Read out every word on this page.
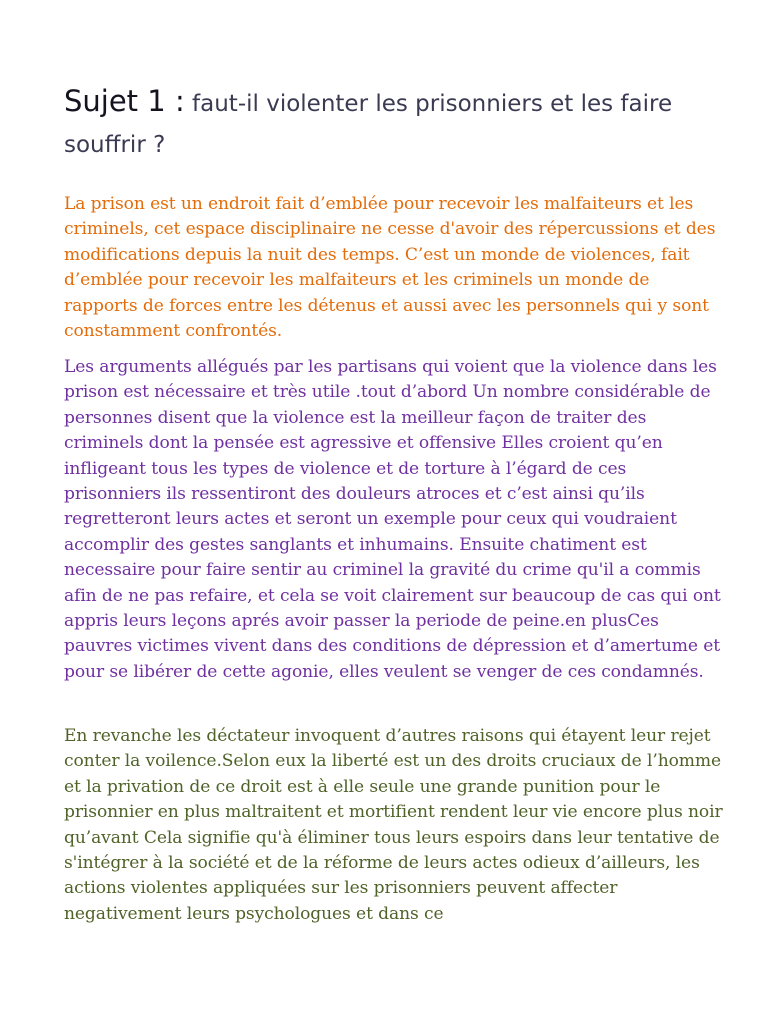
Sujet 1 : faut-il violenter les prisonniers et les faire souffrir ?

La prison est un endroit fait d’emblée pour recevoir les malfaiteurs et les criminels, cet espace disciplinaire ne cesse d'avoir des répercussions et des modifications depuis la nuit des temps. C’est un monde de violences, fait d’emblée pour recevoir les malfaiteurs et les criminels un monde de rapports de forces entre les détenus et aussi avec les personnels qui y sont constamment confrontés.

Les arguments allégués par les partisans qui voient que la violence dans les prison est nécessaire et très utile .tout d’abord Un nombre considérable de personnes disent que la violence est la meilleur façon de traiter des criminels dont la pensée est agressive et offensive Elles croient qu’en infligeant tous les types de violence et de torture à l’égard de ces prisonniers ils ressentiront des douleurs atroces et c’est ainsi qu’ils regretteront leurs actes et seront un exemple pour ceux qui voudraient accomplir des gestes sanglants et inhumains. Ensuite chatiment est necessaire pour faire sentir au criminel la gravité du crime qu'il a commis afin de ne pas refaire, et cela se voit clairement sur beaucoup de cas qui ont appris leurs leçons aprés avoir passer la periode de peine.en plusCes pauvres victimes vivent dans des conditions de dépression et d’amertume et pour se libérer de cette agonie, elles veulent se venger de ces condamnés.

En revanche les déctateur invoquent d’autres raisons qui étayent leur rejet conter la voilence.Selon eux la liberté est un des droits cruciaux de l’homme et la privation de ce droit est à elle seule une grande punition pour le prisonnier en plus maltraitent et mortifient rendent leur vie encore plus noir qu’avant Cela signifie qu'à éliminer tous leurs espoirs dans leur tentative de s'intégrer à la société et de la réforme de leurs actes odieux d’ailleurs, les actions violentes appliquées sur les prisonniers peuvent affecter negativement leurs psychologues et dans ce
